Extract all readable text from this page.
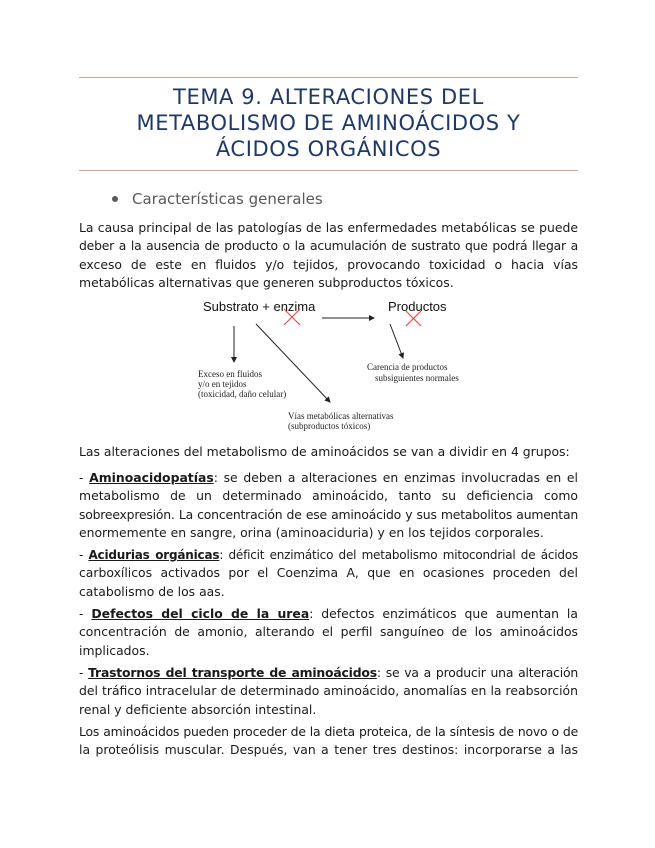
TEMA 9. ALTERACIONES DEL
METABOLISMO DE AMINOÁCIDOS Y
ÁCIDOS ORGÁNICOS
Características generales
La causa principal de las patologías de las enfermedades metabólicas se puede
deber a la ausencia de producto o la acumulación de sustrato que podrá llegar a
exceso de este en fluidos y/o tejidos, provocando toxicidad o hacia vías
metabólicas alternativas que generen subproductos tóxicos.
Substrato + enzima	Productos
Exceso en fluidos
y/o en tejidos
(toxicidad, daño celular)
Carencia de productos
subsiguientes normales
Vías metabólicas alternativas
(subproductos tóxicos)
Las alteraciones del metabolismo de aminoácidos se van a dividir en 4 grupos:
- Aminoacidopatías: se deben a alteraciones en enzimas involucradas en el
metabolismo de un determinado aminoácido, tanto su deficiencia como
sobreexpresión. La concentración de ese aminoácido y sus metabolitos aumentan
enormemente en sangre, orina (aminoaciduria) y en los tejidos corporales.
- Acidurias orgánicas: déficit enzimático del metabolismo mitocondrial de ácidos
carboxílicos activados por el Coenzima A, que en ocasiones proceden del
catabolismo de los aas.
- Defectos del ciclo de la urea: defectos enzimáticos que aumentan la
concentración de amonio, alterando el perfil sanguíneo de los aminoácidos
implicados.
- Trastornos del transporte de aminoácidos: se va a producir una alteración
del tráfico intracelular de determinado aminoácido, anomalías en la reabsorción
renal y deficiente absorción intestinal.
Los aminoácidos pueden proceder de la dieta proteica, de la síntesis de novo o de
la proteólisis muscular. Después, van a tener tres destinos: incorporarse a las
